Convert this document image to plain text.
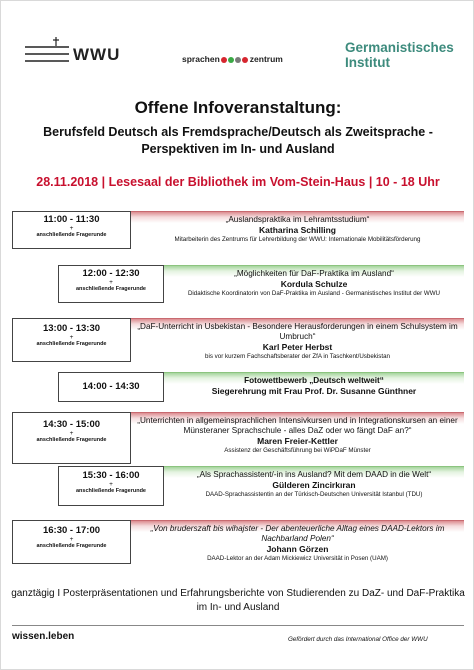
WWU	sprachen	zentrum
Germanistisches
Institut
Offene Infoveranstaltung:
Berufsfeld Deutsch als Fremdsprache/Deutsch als Zweitsprache - Perspektiven im In- und Ausland
28.11.2018 | Lesesaal der Bibliothek im Vom-Stein-Haus | 10 - 18 Uhr
11:00 - 11:30
+
anschließende Fragerunde
„Auslandspraktika im Lehramtsstudium“
Katharina Schilling
Mitarbeiterin des Zentrums für Lehrerbildung der WWU: Internationale Mobilitätsförderung
12:00 - 12:30
+
anschließende Fragerunde
„Möglichkeiten für DaF-Praktika im Ausland“
Kordula Schulze
Didaktische Koordinatorin von DaF-Praktika im Ausland - Germanistisches Institut der WWU
13:00 - 13:30
+
anschließende Fragerunde
„DaF-Unterricht in Usbekistan - Besondere Herausforderungen in einem Schulsystem im Umbruch“
Karl Peter Herbst
bis vor kurzem Fachschaftsberater der ZfA in Taschkent/Usbekistan
14:00 - 14:30
Fotowettbewerb „Deutsch weltweit“
Siegerehrung mit Frau Prof. Dr. Susanne Günthner
14:30 - 15:00
+
anschließende Fragerunde
„Unterrichten in allgemeinsprachlichen Intensivkursen und in Integrationskursen an einer Münsteraner Sprachschule - alles DaZ oder wo fängt DaF an?“
Maren Freier-Kettler
Assistenz der Geschäftsführung bei WiPDaF Münster
15:30 - 16:00
+
anschließende Fragerunde
„Als Sprachassistent/-in ins Ausland? Mit dem DAAD in die Welt“
Gülderen Zincirkıran
DAAD-Sprachassistentin an der Türkisch-Deutschen Universität Istanbul (TDU)
16:30 - 17:00
+
anschließende Fragerunde
„Von bruderszaft bis wihajster - Der abenteuerliche Alltag eines DAAD-Lektors im Nachbarland Polen“
Johann Görzen
DAAD-Lektor an der Adam Mickiewicz Universität in Posen (UAM)
ganztägig I Posterpräsentationen und Erfahrungsberichte von Studierenden zu DaZ- und DaF-Praktika im In- und Ausland
wissen.leben	Gefördert durch das International Office der WWU
